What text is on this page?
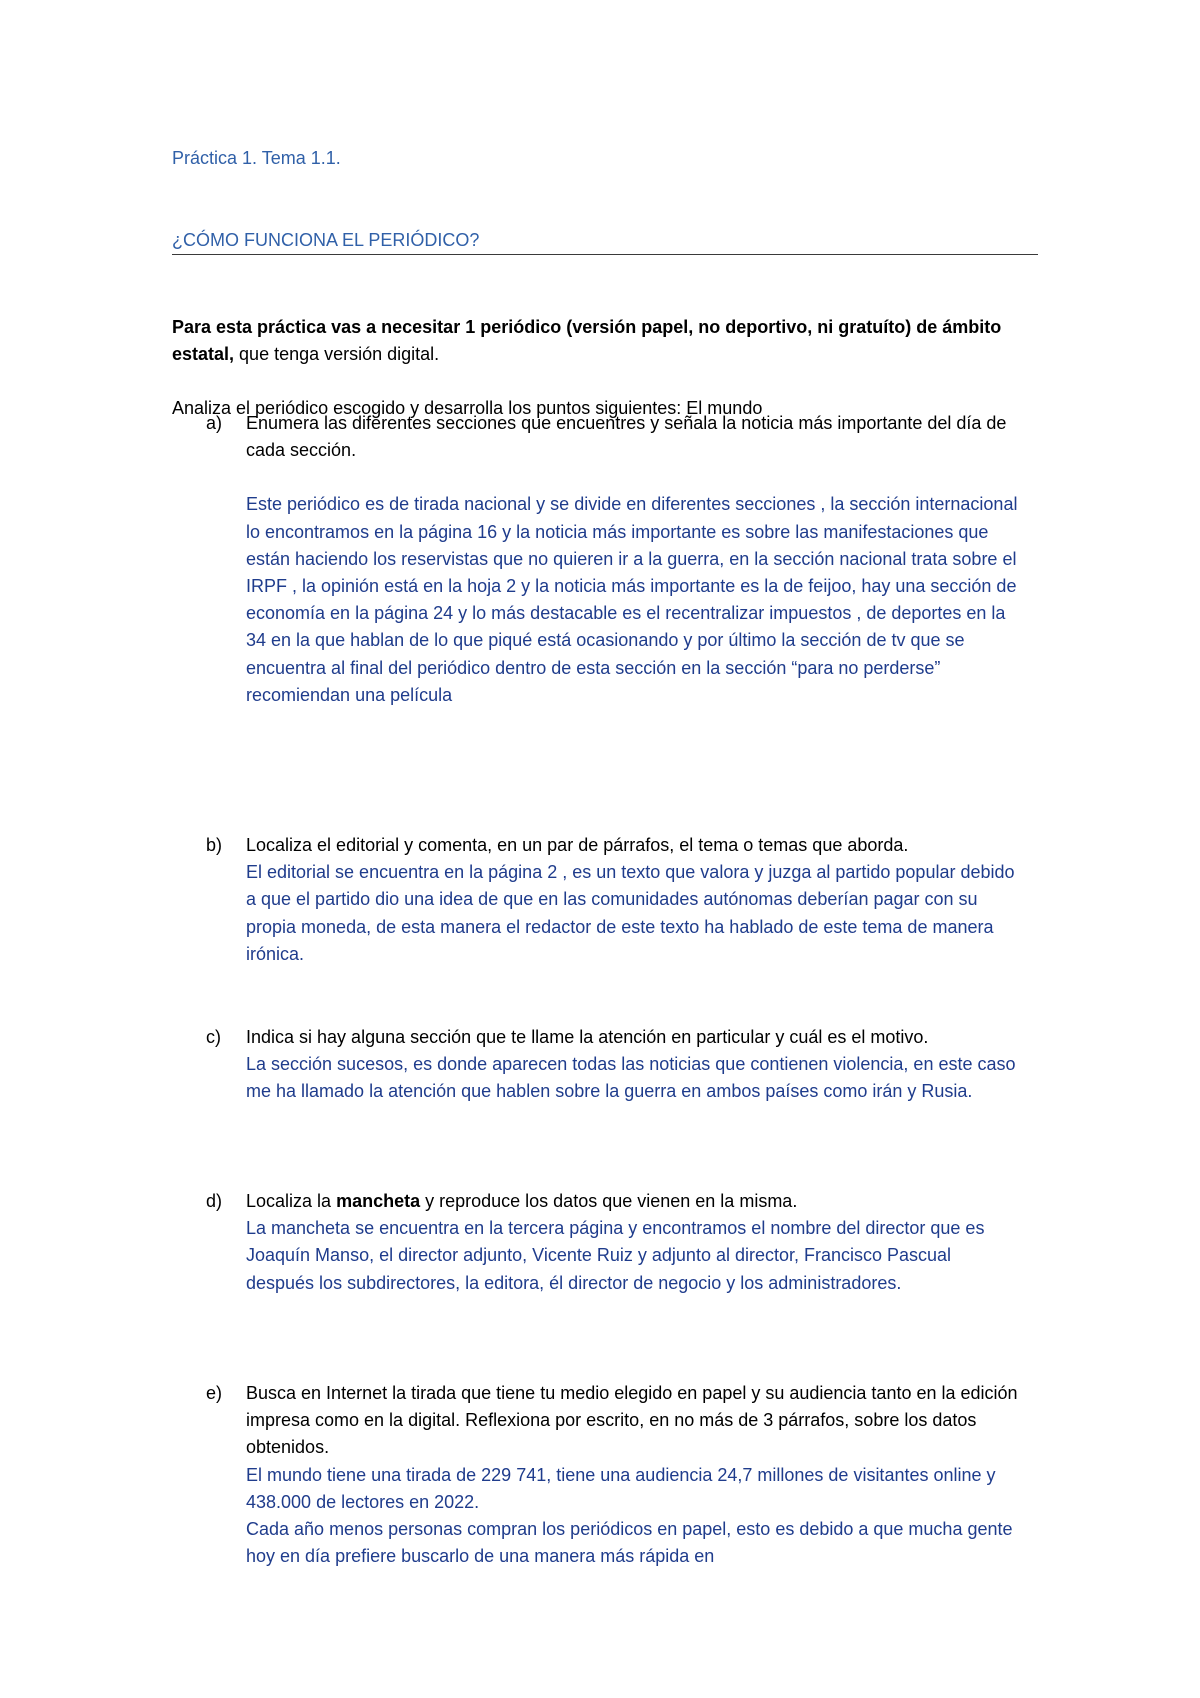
Práctica 1. Tema 1.1.
¿CÓMO FUNCIONA EL PERIÓDICO?
Para esta práctica vas a necesitar 1 periódico (versión papel, no deportivo, ni gratuíto) de ámbito estatal, que tenga versión digital.
Analiza el periódico escogido y desarrolla los puntos siguientes: El mundo
a) Enumera las diferentes secciones que encuentres y señala la noticia más importante del día de cada sección.
Este periódico es de tirada nacional y se divide en diferentes secciones , la sección internacional lo encontramos en la página 16 y la noticia más importante es sobre las manifestaciones que están haciendo los reservistas que no quieren ir a la guerra, en la sección nacional trata sobre el IRPF , la opinión está en la hoja 2 y la noticia más importante es la de feijoo, hay una sección de economía en la página 24 y lo más destacable es el recentralizar impuestos , de deportes en la 34 en la que hablan de lo que piqué está ocasionando y por último la sección de tv que se encuentra al final del periódico dentro de esta sección en la sección “para no perderse” recomiendan una película
b) Localiza el editorial y comenta, en un par de párrafos, el tema o temas que aborda.
El editorial se encuentra en la página 2 , es un texto que valora y juzga al partido popular debido a que el partido dio una idea de que en las comunidades autónomas deberían pagar con su propia moneda, de esta manera el redactor de este texto ha hablado de este tema de manera irónica.
c) Indica si hay alguna sección que te llame la atención en particular y cuál es el motivo.
La sección sucesos, es donde aparecen todas las noticias que contienen violencia, en este caso me ha llamado la atención que hablen sobre la guerra en ambos países como irán y Rusia.
d) Localiza la mancheta y reproduce los datos que vienen en la misma.
La mancheta se encuentra en la tercera página y encontramos el nombre del director que es Joaquín Manso, el director adjunto, Vicente Ruiz y adjunto al director, Francisco Pascual después los subdirectores, la editora, él director de negocio y los administradores.
e) Busca en Internet la tirada que tiene tu medio elegido en papel y su audiencia tanto en la edición impresa como en la digital. Reflexiona por escrito, en no más de 3 párrafos, sobre los datos obtenidos.
El mundo tiene una tirada de 229 741, tiene una audiencia 24,7 millones de visitantes online y 438.000 de lectores en 2022.
Cada año menos personas compran los periódicos en papel, esto es debido a que mucha gente hoy en día prefiere buscarlo de una manera más rápida en
